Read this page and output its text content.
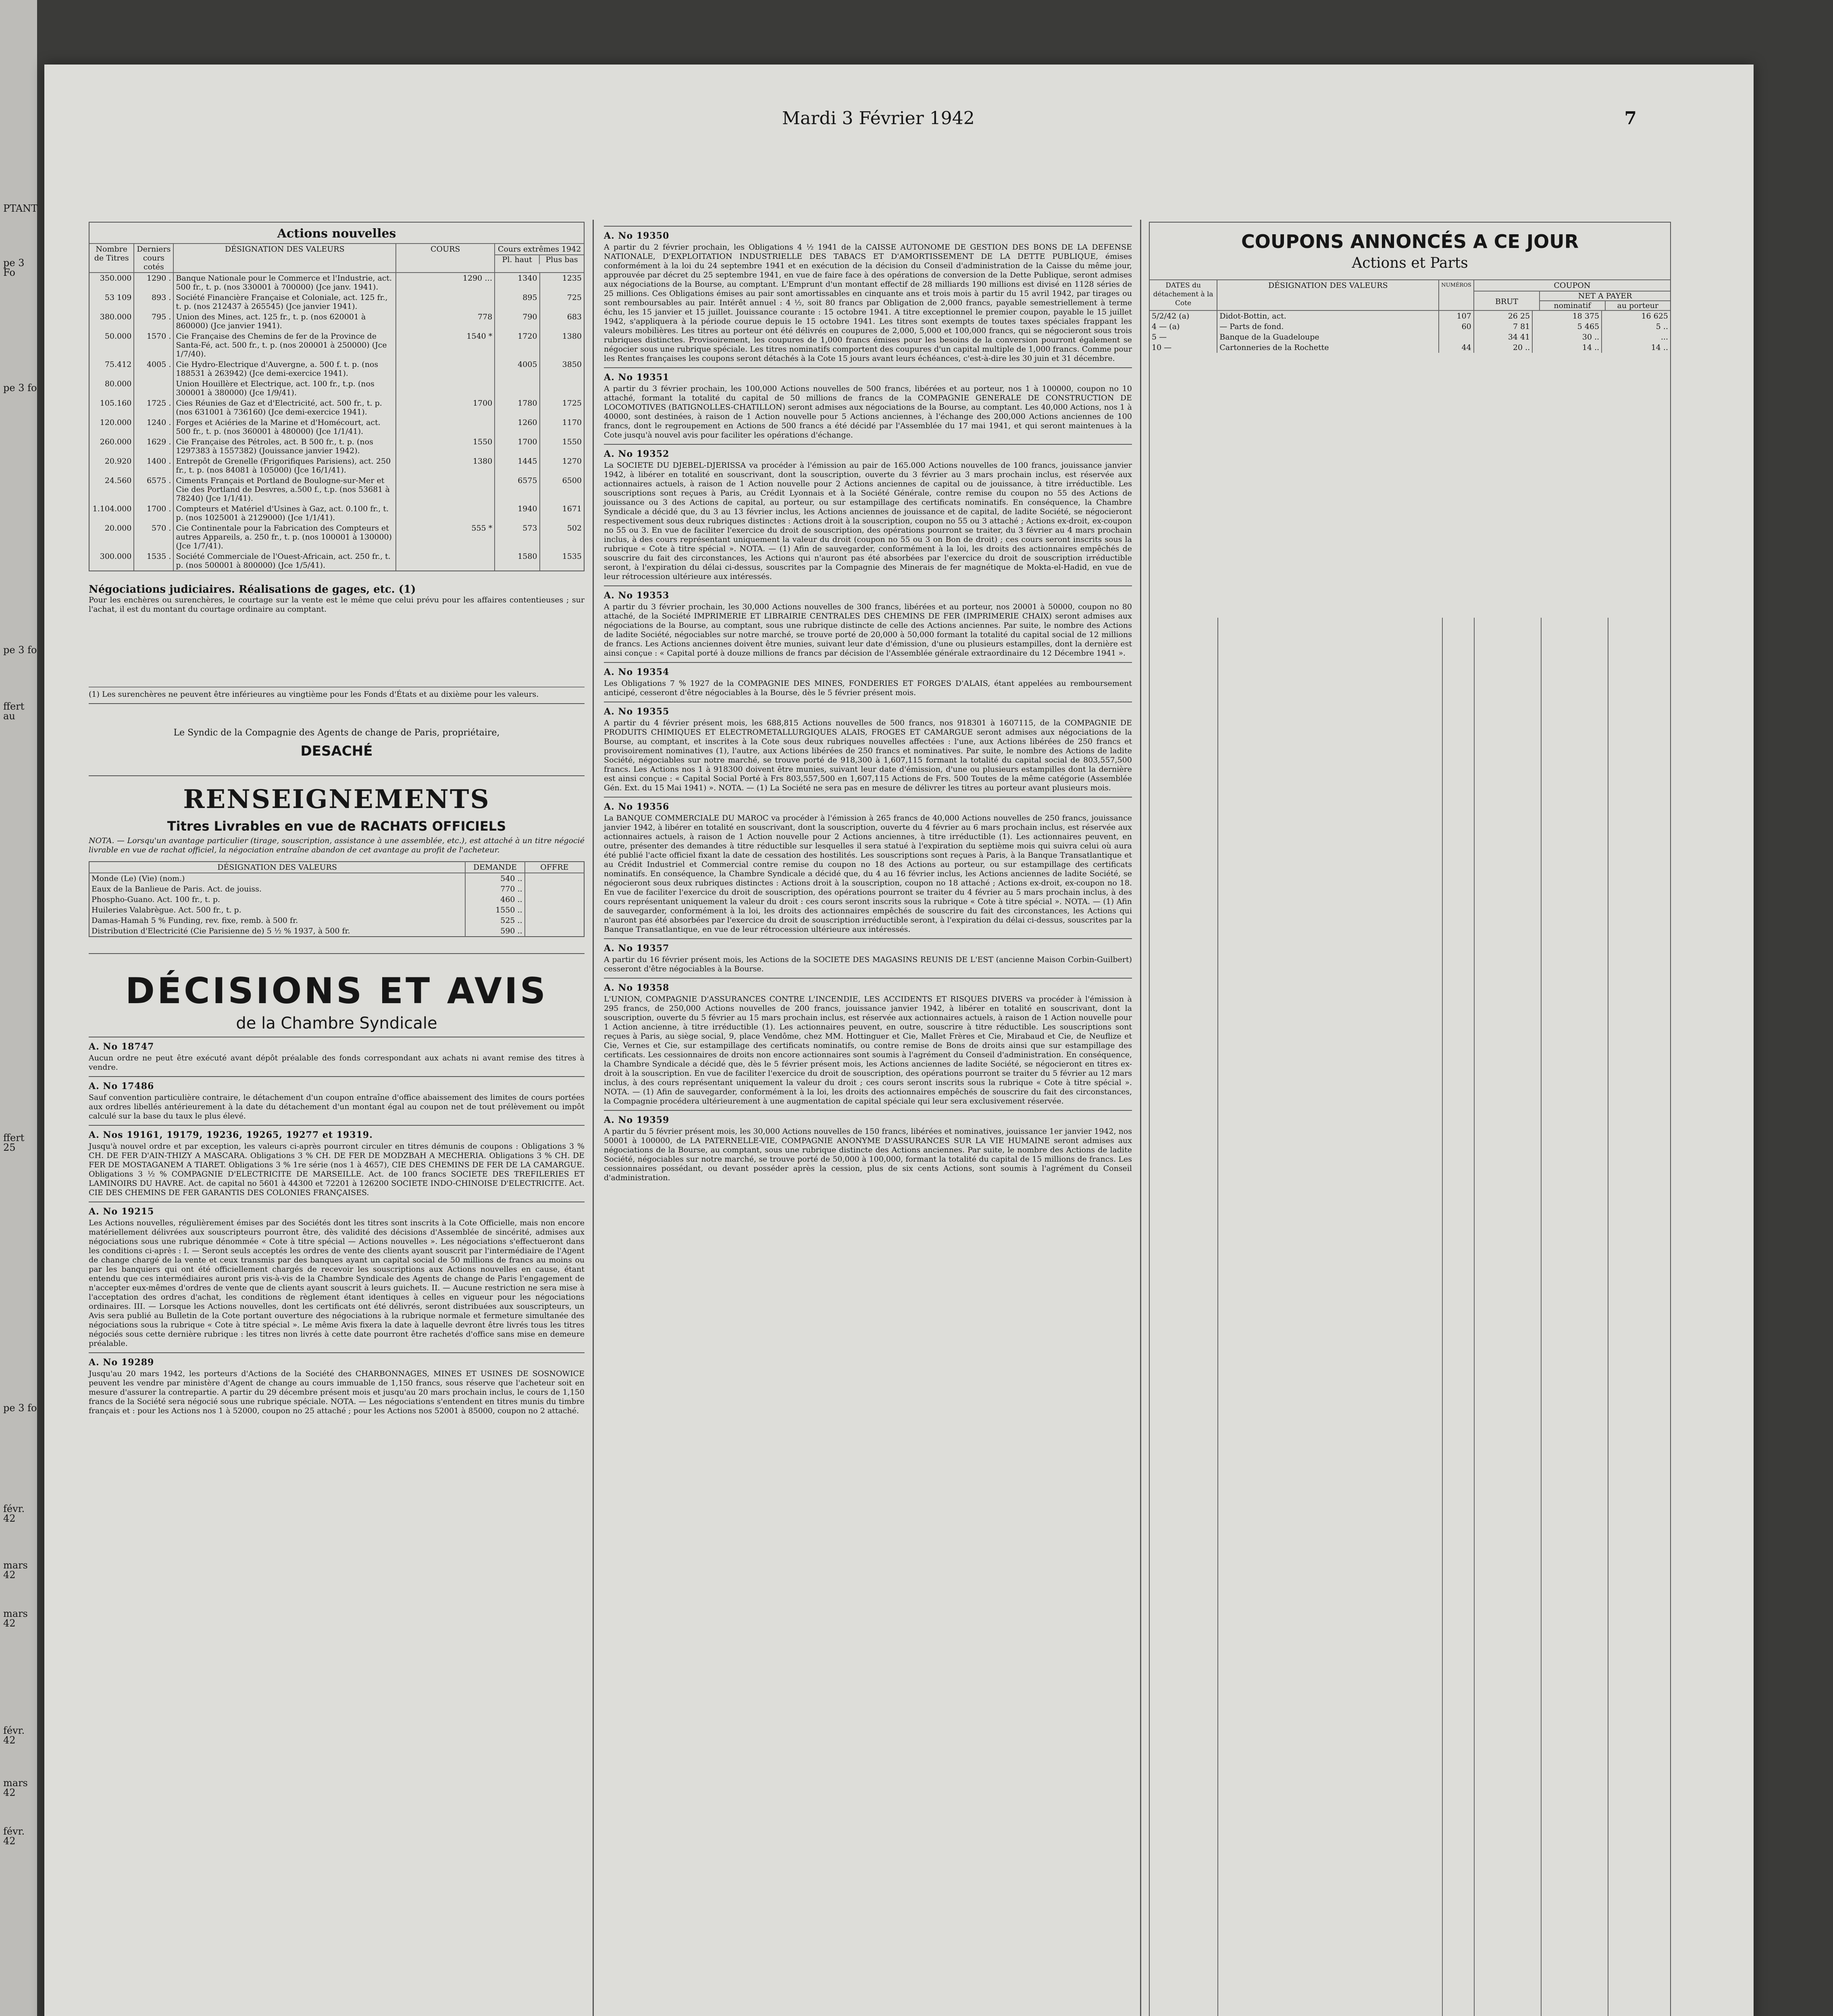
PTANT
pe 3 Fo
pe 3 fo
pe 3 fo
ffert au
ffert 25
pe 3 fo
févr. 42
mars 42
mars 42
févr. 42
mars 42
févr. 42
Mardi 3 Février 1942	7
Actions nouvelles
Nombre de Titres	Derniers cours cotés	DÉSIGNATION DES VALEURS	COURS	Cours extrêmes 1942
Pl. haut Plus bas	

350.000	1290 .	Banque Nationale pour le Commerce et l'Industrie, act. 500 fr., t. p. (nos 330001 à 700000) (Jce janv. 1941).	1290 …	1340	1235
53 109	893 .	Société Financière Française et Coloniale, act. 125 fr., t. p. (nos 212437 à 265545) (Jce janvier 1941).		895	725
380.000	795 .	Union des Mines, act. 125 fr., t. p. (nos 620001 à 860000) (Jce janvier 1941).	778	790	683
50.000	1570 .	Cie Française des Chemins de fer de la Province de Santa-Fé, act. 500 fr., t. p. (nos 200001 à 250000) (Jce 1/7/40).	1540 *	1720	1380
75.412	4005 .	Cie Hydro-Electrique d'Auvergne, a. 500 f. t. p. (nos 188531 à 263942) (Jce demi-exercice 1941).		4005	3850
80.000		Union Houillère et Electrique, act. 100 fr., t.p. (nos 300001 à 380000) (Jce 1/9/41).			
105.160	1725 .	Cies Réunies de Gaz et d'Electricité, act. 500 fr., t. p. (nos 631001 à 736160) (Jce demi-exercice 1941).	1700	1780	1725
120.000	1240 .	Forges et Aciéries de la Marine et d'Homécourt, act. 500 fr., t. p. (nos 360001 à 480000) (Jce 1/1/41).		1260	1170
260.000	1629 .	Cie Française des Pétroles, act. B 500 fr., t. p. (nos 1297383 à 1557382) (Jouissance janvier 1942).	1550	1700	1550
20.920	1400 .	Entrepôt de Grenelle (Frigorifiques Parisiens), act. 250 fr., t. p. (nos 84081 à 105000) (Jce 16/1/41).	1380	1445	1270
24.560	6575 .	Ciments Français et Portland de Boulogne-sur-Mer et Cie des Portland de Desvres, a.500 f., t.p. (nos 53681 à 78240) (Jce 1/1/41).		6575	6500
1.104.000	1700 .	Compteurs et Matériel d'Usines à Gaz, act. 0.100 fr., t. p. (nos 1025001 à 2129000) (Jce 1/1/41).		1940	1671
20.000	570 .	Cie Continentale pour la Fabrication des Compteurs et autres Appareils, a. 250 fr., t. p. (nos 100001 à 130000) (Jce 1/7/41).	555 *	573	502
300.000	1535 .	Société Commerciale de l'Ouest-Africain, act. 250 fr., t. p. (nos 500001 à 800000) (Jce 1/5/41).		1580	1535
Négociations judiciaires. Réalisations de gages, etc. (1)
Pour les enchères ou surenchères, le courtage sur la vente est le même que celui prévu pour les affaires contentieuses ; sur l'achat, il est du montant du courtage ordinaire au comptant.
(1) Les surenchères ne peuvent être inférieures au vingtième pour les Fonds d'États et au dixième pour les valeurs.
Le Syndic de la Compagnie des Agents de change de Paris, propriétaire,
DESACHÉ
RENSEIGNEMENTS
Titres Livrables en vue de RACHATS OFFICIELS
NOTA. — Lorsqu'un avantage particulier (tirage, souscription, assistance à une assemblée, etc.), est attaché à un titre négocié livrable en vue de rachat officiel, la négociation entraîne abandon de cet avantage au profit de l'acheteur.
DÉSIGNATION DES VALEURS	DEMANDE	OFFRE
Monde (Le) (Vie) (nom.)	540 ..	
Eaux de la Banlieue de Paris. Act. de jouiss.	770 ..	
Phospho-Guano. Act. 100 fr., t. p.	460 ..	
Huileries Valabrègue. Act. 500 fr., t. p.	1550 ..	
Damas-Hamah 5 % Funding, rev. fixe, remb. à 500 fr.	525 ..	
Distribution d'Electricité (Cie Parisienne de) 5 ½ % 1937, à 500 fr.	590 ..	
DÉCISIONS ET AVIS
de la Chambre Syndicale
A. No 18747
Aucun ordre ne peut être exécuté avant dépôt préalable des fonds correspondant aux achats ni avant remise des titres à vendre.
A. No 17486
Sauf convention particulière contraire, le détachement d'un coupon entraîne d'office abaissement des limites de cours portées aux ordres libellés antérieurement à la date du détachement d'un montant égal au coupon net de tout prélèvement ou impôt calculé sur la base du taux le plus élevé.
A. Nos 19161, 19179, 19236, 19265, 19277 et 19319.
Jusqu'à nouvel ordre et par exception, les valeurs ci-après pourront circuler en titres démunis de coupons : Obligations 3 % CH. DE FER D'AIN-THIZY A MASCARA. Obligations 3 % CH. DE FER DE MODZBAH A MECHERIA. Obligations 3 % CH. DE FER DE MOSTAGANEM A TIARET. Obligations 3 % 1re série (nos 1 à 4657), CIE DES CHEMINS DE FER DE LA CAMARGUE. Obligations 3 ½ % COMPAGNIE D'ELECTRICITE DE MARSEILLE. Act. de 100 francs SOCIETE DES TREFILERIES ET LAMINOIRS DU HAVRE. Act. de capital no 5601 à 44300 et 72201 à 126200 SOCIETE INDO-CHINOISE D'ELECTRICITE. Act. CIE DES CHEMINS DE FER GARANTIS DES COLONIES FRANÇAISES.
A. No 19215
Les Actions nouvelles, régulièrement émises par des Sociétés dont les titres sont inscrits à la Cote Officielle, mais non encore matériellement délivrées aux souscripteurs pourront être, dès validité des décisions d'Assemblée de sincérité, admises aux négociations sous une rubrique dénommée « Cote à titre spécial — Actions nouvelles ». Les négociations s'effectueront dans les conditions ci-après : I. — Seront seuls acceptés les ordres de vente des clients ayant souscrit par l'intermédiaire de l'Agent de change chargé de la vente et ceux transmis par des banques ayant un capital social de 50 millions de francs au moins ou par les banquiers qui ont été officiellement chargés de recevoir les souscriptions aux Actions nouvelles en cause, étant entendu que ces intermédiaires auront pris vis-à-vis de la Chambre Syndicale des Agents de change de Paris l'engagement de n'accepter eux-mêmes d'ordres de vente que de clients ayant souscrit à leurs guichets. II. — Aucune restriction ne sera mise à l'acceptation des ordres d'achat, les conditions de règlement étant identiques à celles en vigueur pour les négociations ordinaires. III. — Lorsque les Actions nouvelles, dont les certificats ont été délivrés, seront distribuées aux souscripteurs, un Avis sera publié au Bulletin de la Cote portant ouverture des négociations à la rubrique normale et fermeture simultanée des négociations sous la rubrique « Cote à titre spécial ». Le même Avis fixera la date à laquelle devront être livrés tous les titres négociés sous cette dernière rubrique : les titres non livrés à cette date pourront être rachetés d'office sans mise en demeure préalable.
A. No 19289
Jusqu'au 20 mars 1942, les porteurs d'Actions de la Société des CHARBONNAGES, MINES ET USINES DE SOSNOWICE peuvent les vendre par ministère d'Agent de change au cours immuable de 1,150 francs, sous réserve que l'acheteur soit en mesure d'assurer la contrepartie. A partir du 29 décembre présent mois et jusqu'au 20 mars prochain inclus, le cours de 1,150 francs de la Société sera négocié sous une rubrique spéciale. NOTA. — Les négociations s'entendent en titres munis du timbre français et : pour les Actions nos 1 à 52000, coupon no 25 attaché ; pour les Actions nos 52001 à 85000, coupon no 2 attaché.
A. No 19350
A partir du 2 février prochain, les Obligations 4 ½ 1941 de la CAISSE AUTONOME DE GESTION DES BONS DE LA DEFENSE NATIONALE, D'EXPLOITATION INDUSTRIELLE DES TABACS ET D'AMORTISSEMENT DE LA DETTE PUBLIQUE, émises conformément à la loi du 24 septembre 1941 et en exécution de la décision du Conseil d'administration de la Caisse du même jour, approuvée par décret du 25 septembre 1941, en vue de faire face à des opérations de conversion de la Dette Publique, seront admises aux négociations de la Bourse, au comptant. L'Emprunt d'un montant effectif de 28 milliards 190 millions est divisé en 1128 séries de 25 millions. Ces Obligations émises au pair sont amortissables en cinquante ans et trois mois à partir du 15 avril 1942, par tirages ou sont remboursables au pair. Intérêt annuel : 4 ½, soit 80 francs par Obligation de 2,000 francs, payable semestriellement à terme échu, les 15 janvier et 15 juillet. Jouissance courante : 15 octobre 1941. A titre exceptionnel le premier coupon, payable le 15 juillet 1942, s'appliquera à la période courue depuis le 15 octobre 1941. Les titres sont exempts de toutes taxes spéciales frappant les valeurs mobilières. Les titres au porteur ont été délivrés en coupures de 2,000, 5,000 et 100,000 francs, qui se négocieront sous trois rubriques distinctes. Provisoirement, les coupures de 1,000 francs émises pour les besoins de la conversion pourront également se négocier sous une rubrique spéciale. Les titres nominatifs comportent des coupures d'un capital multiple de 1,000 francs. Comme pour les Rentes françaises les coupons seront détachés à la Cote 15 jours avant leurs échéances, c'est-à-dire les 30 juin et 31 décembre.
A. No 19351
A partir du 3 février prochain, les 100,000 Actions nouvelles de 500 francs, libérées et au porteur, nos 1 à 100000, coupon no 10 attaché, formant la totalité du capital de 50 millions de francs de la COMPAGNIE GENERALE DE CONSTRUCTION DE LOCOMOTIVES (BATIGNOLLES-CHATILLON) seront admises aux négociations de la Bourse, au comptant. Les 40,000 Actions, nos 1 à 40000, sont destinées, à raison de 1 Action nouvelle pour 5 Actions anciennes, à l'échange des 200,000 Actions anciennes de 100 francs, dont le regroupement en Actions de 500 francs a été décidé par l'Assemblée du 17 mai 1941, et qui seront maintenues à la Cote jusqu'à nouvel avis pour faciliter les opérations d'échange.
A. No 19352
La SOCIETE DU DJEBEL-DJERISSA va procéder à l'émission au pair de 165.000 Actions nouvelles de 100 francs, jouissance janvier 1942, à libérer en totalité en souscrivant, dont la souscription, ouverte du 3 février au 3 mars prochain inclus, est réservée aux actionnaires actuels, à raison de 1 Action nouvelle pour 2 Actions anciennes de capital ou de jouissance, à titre irréductible. Les souscriptions sont reçues à Paris, au Crédit Lyonnais et à la Société Générale, contre remise du coupon no 55 des Actions de jouissance ou 3 des Actions de capital, au porteur, ou sur estampillage des certificats nominatifs. En conséquence, la Chambre Syndicale a décidé que, du 3 au 13 février inclus, les Actions anciennes de jouissance et de capital, de ladite Société, se négocieront respectivement sous deux rubriques distinctes : Actions droit à la souscription, coupon no 55 ou 3 attaché ; Actions ex-droit, ex-coupon no 55 ou 3. En vue de faciliter l'exercice du droit de souscription, des opérations pourront se traiter, du 3 février au 4 mars prochain inclus, à des cours représentant uniquement la valeur du droit (coupon no 55 ou 3 on Bon de droit) ; ces cours seront inscrits sous la rubrique « Cote à titre spécial ». NOTA. — (1) Afin de sauvegarder, conformément à la loi, les droits des actionnaires empêchés de souscrire du fait des circonstances, les Actions qui n'auront pas été absorbées par l'exercice du droit de souscription irréductible seront, à l'expiration du délai ci-dessus, souscrites par la Compagnie des Minerais de fer magnétique de Mokta-el-Hadid, en vue de leur rétrocession ultérieure aux intéressés.
A. No 19353
A partir du 3 février prochain, les 30,000 Actions nouvelles de 300 francs, libérées et au porteur, nos 20001 à 50000, coupon no 80 attaché, de la Société IMPRIMERIE ET LIBRAIRIE CENTRALES DES CHEMINS DE FER (IMPRIMERIE CHAIX) seront admises aux négociations de la Bourse, au comptant, sous une rubrique distincte de celle des Actions anciennes. Par suite, le nombre des Actions de ladite Société, négociables sur notre marché, se trouve porté de 20,000 à 50,000 formant la totalité du capital social de 12 millions de francs. Les Actions anciennes doivent être munies, suivant leur date d'émission, d'une ou plusieurs estampilles, dont la dernière est ainsi conçue : « Capital porté à douze millions de francs par décision de l'Assemblée générale extraordinaire du 12 Décembre 1941 ».
A. No 19354
Les Obligations 7 % 1927 de la COMPAGNIE DES MINES, FONDERIES ET FORGES D'ALAIS, étant appelées au remboursement anticipé, cesseront d'être négociables à la Bourse, dès le 5 février présent mois.
A. No 19355
A partir du 4 février présent mois, les 688,815 Actions nouvelles de 500 francs, nos 918301 à 1607115, de la COMPAGNIE DE PRODUITS CHIMIQUES ET ELECTROMETALLURGIQUES ALAIS, FROGES ET CAMARGUE seront admises aux négociations de la Bourse, au comptant, et inscrites à la Cote sous deux rubriques nouvelles affectées : l'une, aux Actions libérées de 250 francs et provisoirement nominatives (1), l'autre, aux Actions libérées de 250 francs et nominatives. Par suite, le nombre des Actions de ladite Société, négociables sur notre marché, se trouve porté de 918,300 à 1,607,115 formant la totalité du capital social de 803,557,500 francs. Les Actions nos 1 à 918300 doivent être munies, suivant leur date d'émission, d'une ou plusieurs estampilles dont la dernière est ainsi conçue : « Capital Social Porté à Frs 803,557,500 en 1,607,115 Actions de Frs. 500 Toutes de la même catégorie (Assemblée Gén. Ext. du 15 Mai 1941) ». NOTA. — (1) La Société ne sera pas en mesure de délivrer les titres au porteur avant plusieurs mois.
A. No 19356
La BANQUE COMMERCIALE DU MAROC va procéder à l'émission à 265 francs de 40,000 Actions nouvelles de 250 francs, jouissance janvier 1942, à libérer en totalité en souscrivant, dont la souscription, ouverte du 4 février au 6 mars prochain inclus, est réservée aux actionnaires actuels, à raison de 1 Action nouvelle pour 2 Actions anciennes, à titre irréductible (1). Les actionnaires peuvent, en outre, présenter des demandes à titre réductible sur lesquelles il sera statué à l'expiration du septième mois qui suivra celui où aura été publié l'acte officiel fixant la date de cessation des hostilités. Les souscriptions sont reçues à Paris, à la Banque Transatlantique et au Crédit Industriel et Commercial contre remise du coupon no 18 des Actions au porteur, ou sur estampillage des certificats nominatifs. En conséquence, la Chambre Syndicale a décidé que, du 4 au 16 février inclus, les Actions anciennes de ladite Société, se négocieront sous deux rubriques distinctes : Actions droit à la souscription, coupon no 18 attaché ; Actions ex-droit, ex-coupon no 18. En vue de faciliter l'exercice du droit de souscription, des opérations pourront se traiter du 4 février au 5 mars prochain inclus, à des cours représentant uniquement la valeur du droit : ces cours seront inscrits sous la rubrique « Cote à titre spécial ». NOTA. — (1) Afin de sauvegarder, conformément à la loi, les droits des actionnaires empêchés de souscrire du fait des circonstances, les Actions qui n'auront pas été absorbées par l'exercice du droit de souscription irréductible seront, à l'expiration du délai ci-dessus, souscrites par la Banque Transatlantique, en vue de leur rétrocession ultérieure aux intéressés.
A. No 19357
A partir du 16 février présent mois, les Actions de la SOCIETE DES MAGASINS REUNIS DE L'EST (ancienne Maison Corbin-Guilbert) cesseront d'être négociables à la Bourse.
A. No 19358
L'UNION, COMPAGNIE D'ASSURANCES CONTRE L'INCENDIE, LES ACCIDENTS ET RISQUES DIVERS va procéder à l'émission à 295 francs, de 250,000 Actions nouvelles de 200 francs, jouissance janvier 1942, à libérer en totalité en souscrivant, dont la souscription, ouverte du 5 février au 15 mars prochain inclus, est réservée aux actionnaires actuels, à raison de 1 Action nouvelle pour 1 Action ancienne, à titre irréductible (1). Les actionnaires peuvent, en outre, souscrire à titre réductible. Les souscriptions sont reçues à Paris, au siège social, 9, place Vendôme, chez MM. Hottinguer et Cie, Mallet Frères et Cie, Mirabaud et Cie, de Neuflize et Cie, Vernes et Cie, sur estampillage des certificats nominatifs, ou contre remise de Bons de droits ainsi que sur estampillage des certificats. Les cessionnaires de droits non encore actionnaires sont soumis à l'agrément du Conseil d'administration. En conséquence, la Chambre Syndicale a décidé que, dès le 5 février présent mois, les Actions anciennes de ladite Société, se négocieront en titres ex-droit à la souscription. En vue de faciliter l'exercice du droit de souscription, des opérations pourront se traiter du 5 février au 12 mars inclus, à des cours représentant uniquement la valeur du droit ; ces cours seront inscrits sous la rubrique « Cote à titre spécial ». NOTA. — (1) Afin de sauvegarder, conformément à la loi, les droits des actionnaires empêchés de souscrire du fait des circonstances, la Compagnie procédera ultérieurement à une augmentation de capital spéciale qui leur sera exclusivement réservée.
A. No 19359
A partir du 5 février présent mois, les 30,000 Actions nouvelles de 150 francs, libérées et nominatives, jouissance 1er janvier 1942, nos 50001 à 100000, de LA PATERNELLE-VIE, COMPAGNIE ANONYME D'ASSURANCES SUR LA VIE HUMAINE seront admises aux négociations de la Bourse, au comptant, sous une rubrique distincte des Actions anciennes. Par suite, le nombre des Actions de ladite Société, négociables sur notre marché, se trouve porté de 50,000 à 100,000, formant la totalité du capital de 15 millions de francs. Les cessionnaires possédant, ou devant posséder après la cession, plus de six cents Actions, sont soumis à l'agrément du Conseil d'administration.
COUPONS ANNONCÉS A CE JOUR
Actions et Parts
DATES du détachement à la Cote	DÉSIGNATION DES VALEURS	NUMÉROS	COUPON
BRUT
NET A PAYER
nominatif au porteur		

5/2/42 (a)	Didot-Bottin, act.	107	26 25	18 375	16 625
4 — (a)	— Parts de fond.	60	7 81	5 465	5 ..
5 —	Banque de la Guadeloupe		34 41	30 ..	...
10 —	Cartonneries de la Rochette	44	20 ..	14 ..	14 ..
